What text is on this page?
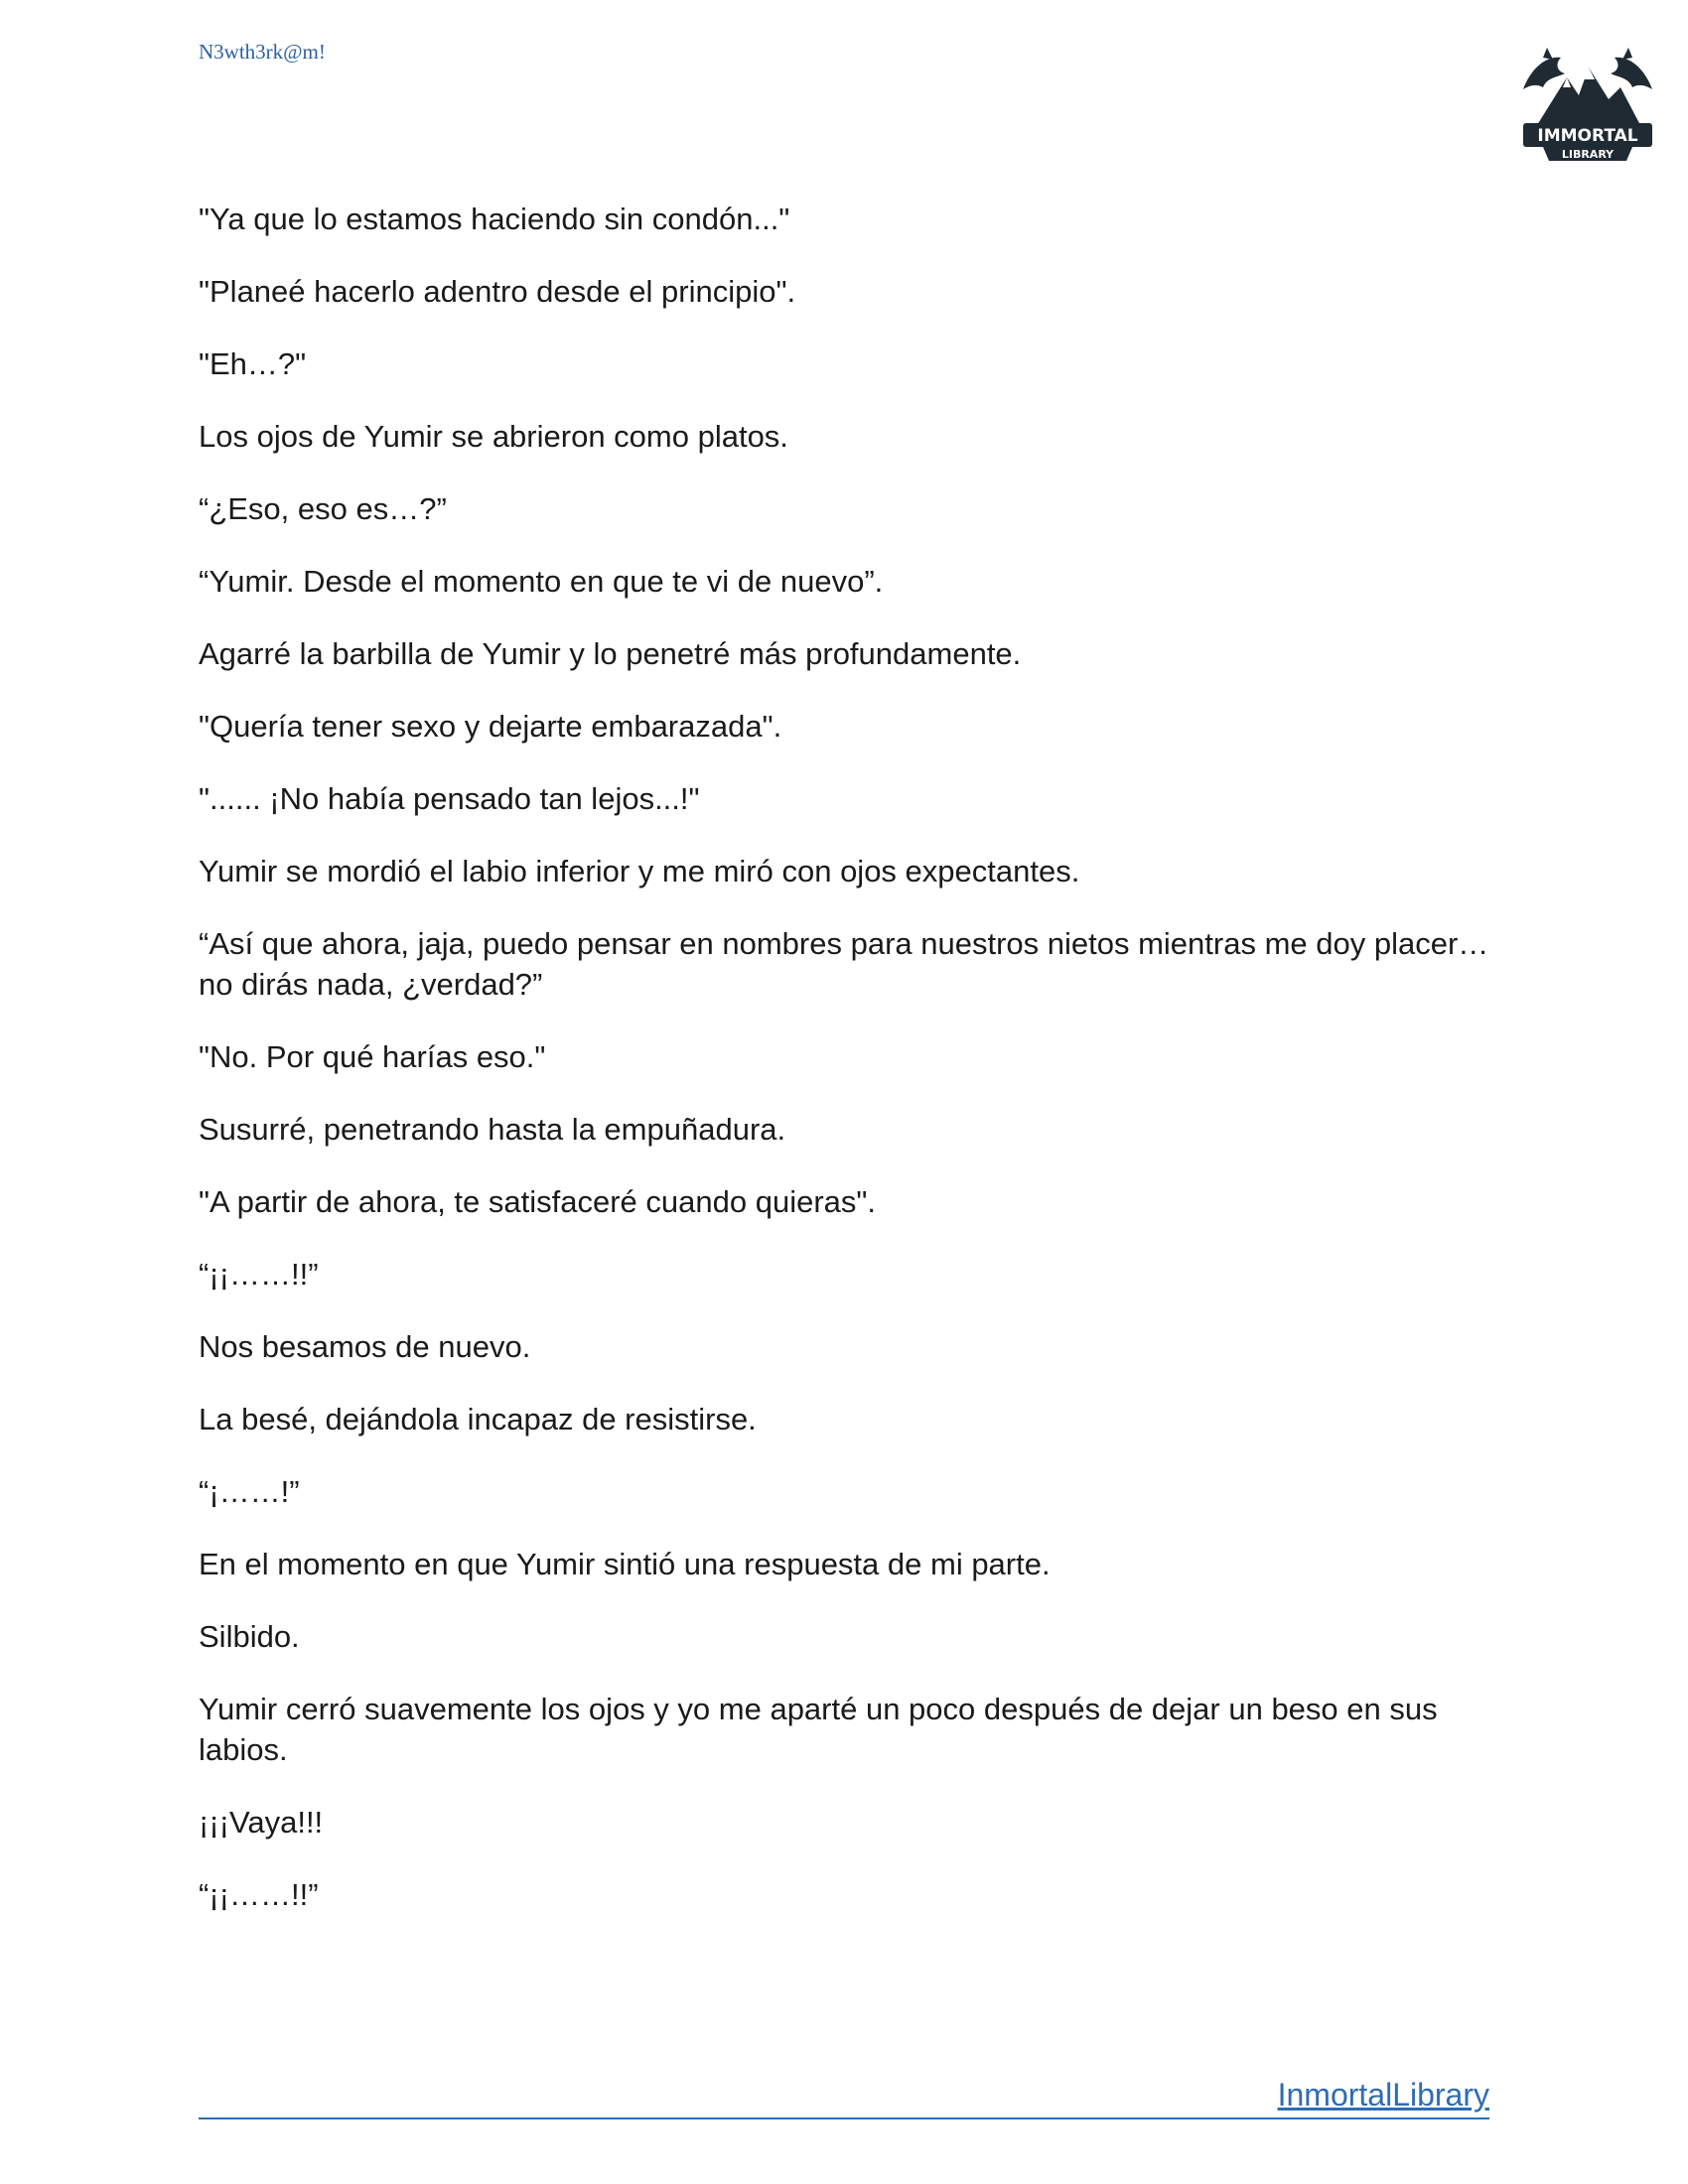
N3wth3rk@m!

IMMORTAL
LIBRARY

"Ya que lo estamos haciendo sin condón..."

"Planeé hacerlo adentro desde el principio".

"Eh…?"

Los ojos de Yumir se abrieron como platos.

“¿Eso, eso es…?”

“Yumir. Desde el momento en que te vi de nuevo”.

Agarré la barbilla de Yumir y lo penetré más profundamente.

"Quería tener sexo y dejarte embarazada".

"...... ¡No había pensado tan lejos...!"

Yumir se mordió el labio inferior y me miró con ojos expectantes.

“Así que ahora, jaja, puedo pensar en nombres para nuestros nietos mientras me doy placer… no dirás nada, ¿verdad?”

"No. Por qué harías eso."

Susurré, penetrando hasta la empuñadura.

"A partir de ahora, te satisfaceré cuando quieras".

“¡¡……!!”

Nos besamos de nuevo.

La besé, dejándola incapaz de resistirse.

“¡……!”

En el momento en que Yumir sintió una respuesta de mi parte.

Silbido.

Yumir cerró suavemente los ojos y yo me aparté un poco después de dejar un beso en sus labios.

¡¡¡Vaya!!!

“¡¡……!!”

InmortalLibrary
